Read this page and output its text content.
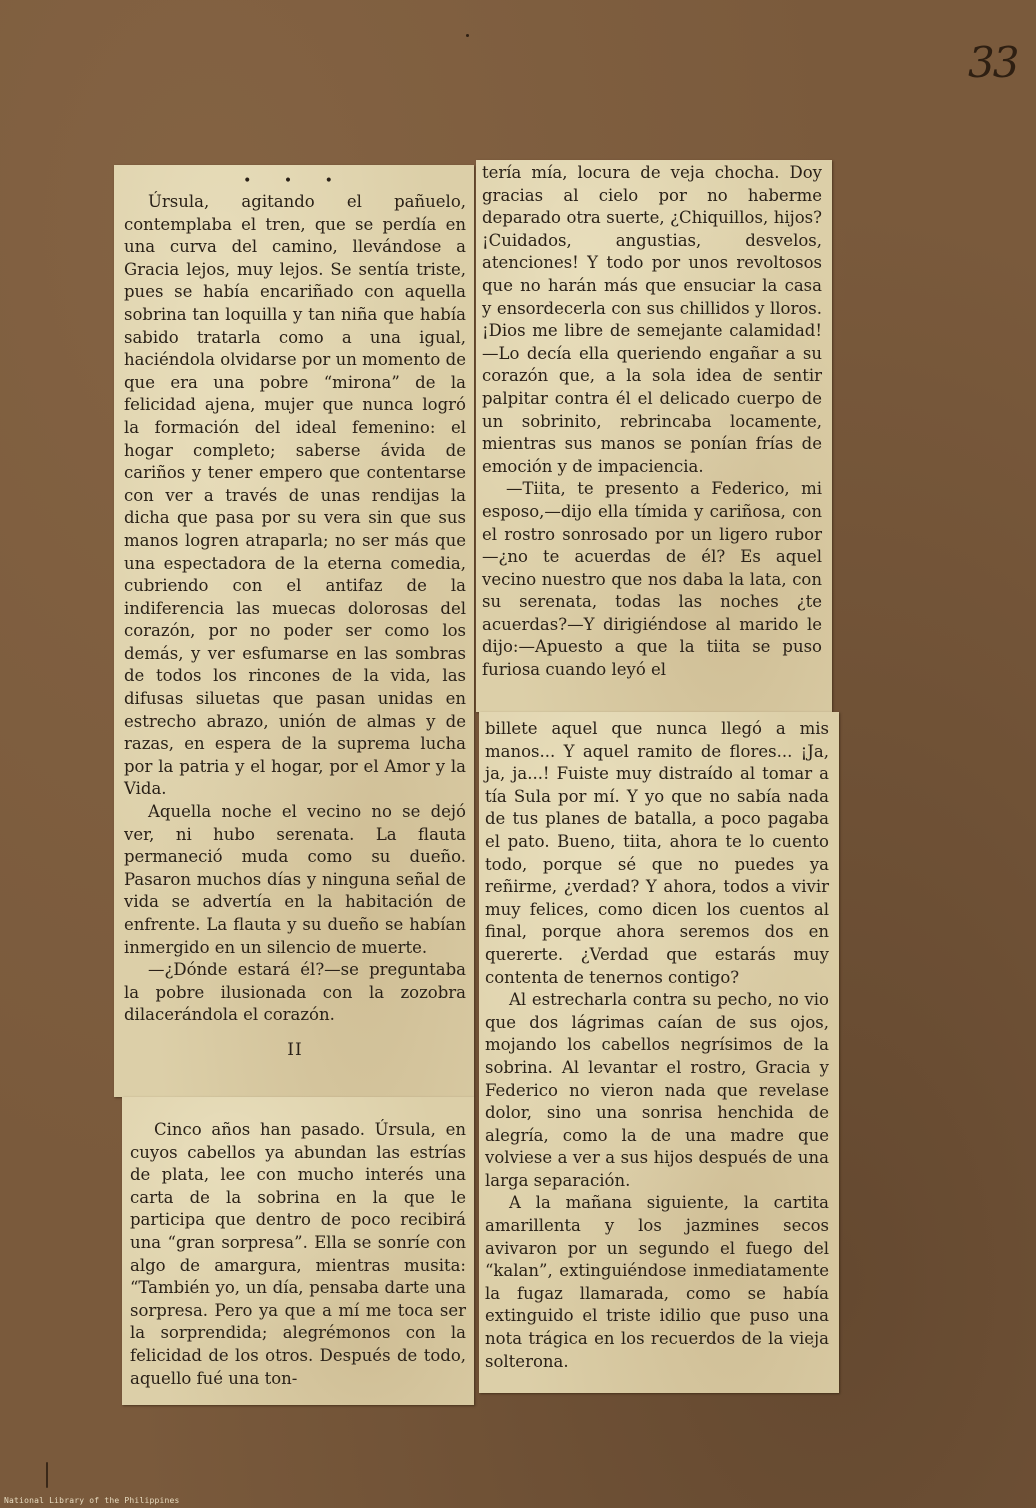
33
• • •

Úrsula, agitando el pañuelo, contemplaba el tren, que se perdía en una curva del camino, llevándose a Gracia lejos, muy lejos. Se sentía triste, pues se había encariñado con aquella sobrina tan loquilla y tan niña que había sabido tratarla como a una igual, haciéndola olvidarse por un momento de que era una pobre “mirona” de la felicidad ajena, mujer que nunca logró la formación del ideal femenino: el hogar completo; saberse ávida de cariños y tener empero que contentarse con ver a través de unas rendijas la dicha que pasa por su vera sin que sus manos logren atraparla; no ser más que una espectadora de la eterna comedia, cubriendo con el antifaz de la indiferencia las muecas dolorosas del corazón, por no poder ser como los demás, y ver esfumarse en las sombras de todos los rincones de la vida, las difusas siluetas que pasan unidas en estrecho abrazo, unión de almas y de razas, en espera de la suprema lucha por la patria y el hogar, por el Amor y la Vida.

Aquella noche el vecino no se dejó ver, ni hubo serenata. La flauta permaneció muda como su dueño. Pasaron muchos días y ninguna señal de vida se advertía en la habitación de enfrente. La flauta y su dueño se habían inmergido en un silencio de muerte.

—¿Dónde estará él?—se preguntaba la pobre ilusionada con la zozobra dilacerándola el corazón.

II

Cinco años han pasado. Úrsula, en cuyos cabellos ya abundan las estrías de plata, lee con mucho interés una carta de la sobrina en la que le participa que dentro de poco recibirá una “gran sorpresa”. Ella se sonríe con algo de amargura, mientras musita: “También yo, un día, pensaba darte una sorpresa. Pero ya que a mí me toca ser la sorprendida; alegrémonos con la felicidad de los otros. Después de todo, aquello fué una ton-

tería mía, locura de veja chocha. Doy gracias al cielo por no haberme deparado otra suerte, ¿Chiquillos, hijos? ¡Cuidados, angustias, desvelos, atenciones! Y todo por unos revoltosos que no harán más que ensuciar la casa y ensordecerla con sus chillidos y lloros. ¡Dios me libre de semejante calamidad!—Lo decía ella queriendo engañar a su corazón que, a la sola idea de sentir palpitar contra él el delicado cuerpo de un sobrinito, rebrincaba locamente, mientras sus manos se ponían frías de emoción y de impaciencia.

—Tiita, te presento a Federico, mi esposo,—dijo ella tímida y cariñosa, con el rostro sonrosado por un ligero rubor—¿no te acuerdas de él? Es aquel vecino nuestro que nos daba la lata, con su serenata, todas las noches ¿te acuerdas?—Y dirigiéndose al marido le dijo:—Apuesto a que la tiita se puso furiosa cuando leyó el

billete aquel que nunca llegó a mis manos... Y aquel ramito de flores... ¡Ja, ja, ja...! Fuiste muy distraído al tomar a tía Sula por mí. Y yo que no sabía nada de tus planes de batalla, a poco pagaba el pato. Bueno, tiita, ahora te lo cuento todo, porque sé que no puedes ya reñirme, ¿verdad? Y ahora, todos a vivir muy felices, como dicen los cuentos al final, porque ahora seremos dos en quererte. ¿Verdad que estarás muy contenta de tenernos contigo?

Al estrecharla contra su pecho, no vio que dos lágrimas caían de sus ojos, mojando los cabellos negrísimos de la sobrina. Al levantar el rostro, Gracia y Federico no vieron nada que revelase dolor, sino una sonrisa henchida de alegría, como la de una madre que volviese a ver a sus hijos después de una larga separación.

A la mañana siguiente, la cartita amarillenta y los jazmines secos avivaron por un segundo el fuego del “kalan”, extinguiéndose inmediatamente la fugaz llamarada, como se había extinguido el triste idilio que puso una nota trágica en los recuerdos de la vieja solterona.

National Library of the Philippines
